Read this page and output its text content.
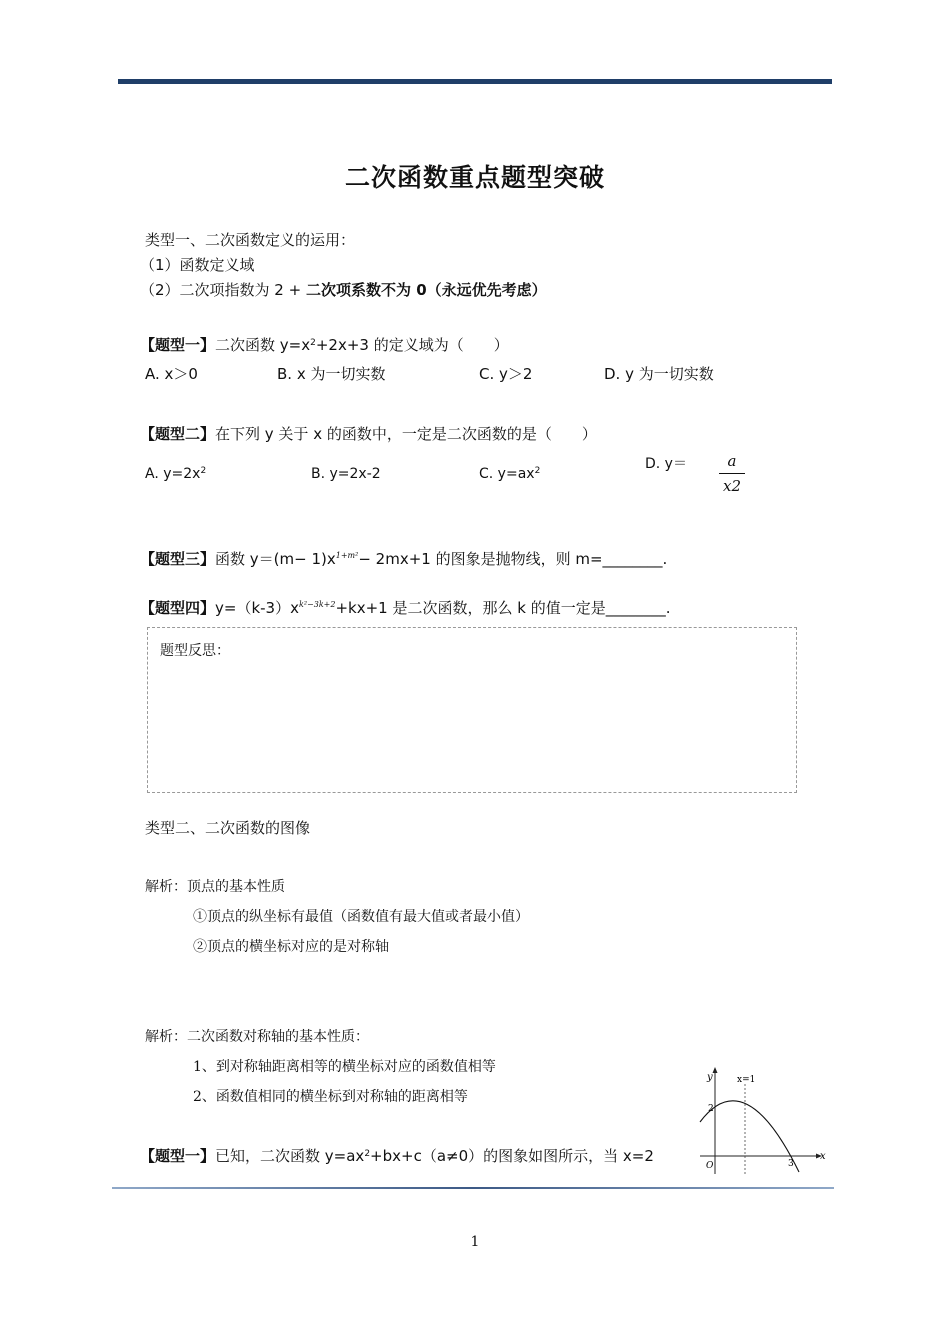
二次函数重点题型突破
类型一、二次函数定义的运用：
（1）函数定义域
（2）二次项指数为 2 + 二次项系数不为 0（永远优先考虑）
【题型一】二次函数 $y=x^2+2x+3$ 的定义域为（　　）
A. x＞0	B. x 为一切实数	C. y＞2	D. y 为一切实数
【题型二】在下列 y 关于 x 的函数中，一定是二次函数的是（　　）
A. $y=2x^2$	B. y=2x-2	C. $y=ax^2$	D. y＝	a
x2
【题型三】函数 $y=(m- 1)x^{1+m^2}- 2mx+1$ 的图象是抛物线，则 m=________.
【题型四】$y=(k-3)x^{k^2-3k+2}+kx+1$ 是二次函数，那么 k 的值一定是________.
题型反思：
类型二、二次函数的图像
解析：顶点的基本性质
①顶点的纵坐标有最值（函数值有最大值或者最小值）
②顶点的横坐标对应的是对称轴
解析：二次函数对称轴的基本性质：
1、到对称轴距离相等的横坐标对应的函数值相等
2、函数值相同的横坐标到对称轴的距离相等
【题型一】已知，二次函数 $y=ax^2+bx+c(a\ne 0)$的图象如图所示，当 x=2
y
x
x=1
2
O	3
1
